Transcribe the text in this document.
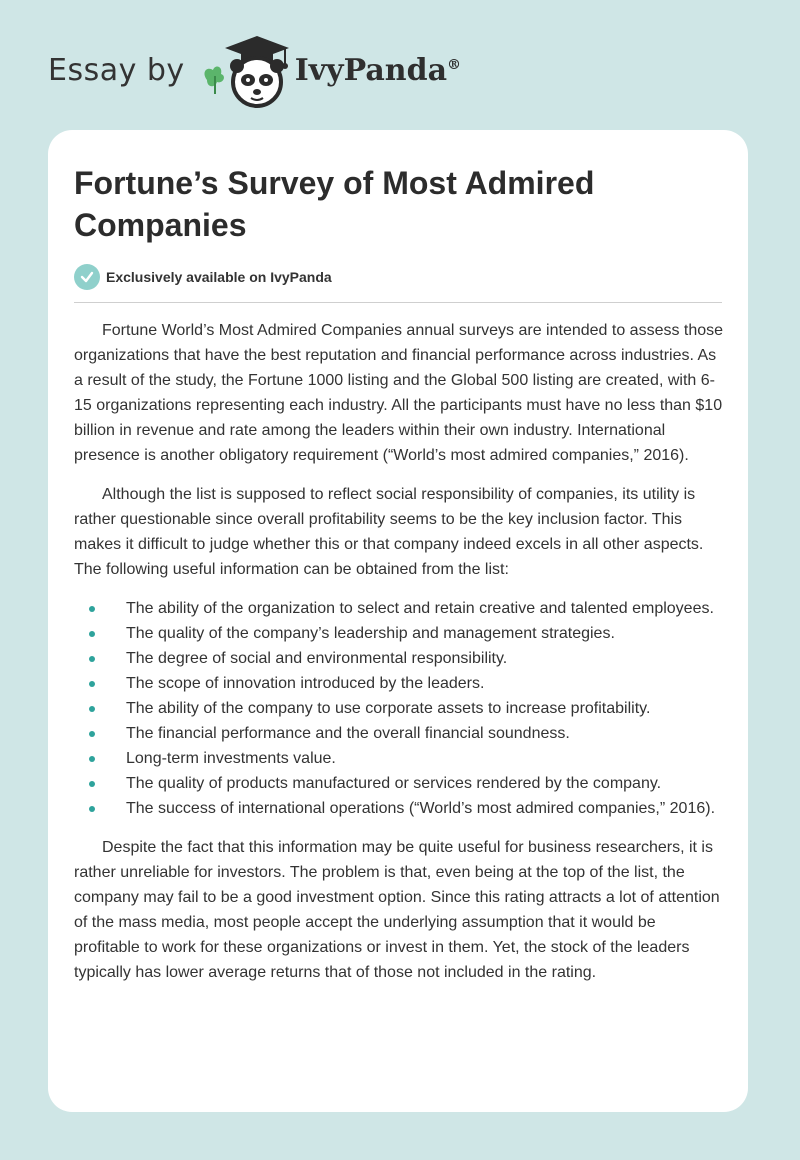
Essay by	IvyPanda®
Fortune’s Survey of Most Admired Companies
Exclusively available on IvyPanda

Fortune World’s Most Admired Companies annual surveys are intended to assess those organizations that have the best reputation and financial performance across industries. As a result of the study, the Fortune 1000 listing and the Global 500 listing are created, with 6-15 organizations representing each industry. All the participants must have no less than $10 billion in revenue and rate among the leaders within their own industry. International presence is another obligatory requirement (“World’s most admired companies,” 2016).

Although the list is supposed to reflect social responsibility of companies, its utility is rather questionable since overall profitability seems to be the key inclusion factor. This makes it difficult to judge whether this or that company indeed excels in all other aspects. The following useful information can be obtained from the list:

The ability of the organization to select and retain creative and talented employees.
The quality of the company’s leadership and management strategies.
The degree of social and environmental responsibility.
The scope of innovation introduced by the leaders.
The ability of the company to use corporate assets to increase profitability.
The financial performance and the overall financial soundness.
Long-term investments value.
The quality of products manufactured or services rendered by the company.
The success of international operations (“World’s most admired companies,” 2016).

Despite the fact that this information may be quite useful for business researchers, it is rather unreliable for investors. The problem is that, even being at the top of the list, the company may fail to be a good investment option. Since this rating attracts a lot of attention of the mass media, most people accept the underlying assumption that it would be profitable to work for these organizations or invest in them. Yet, the stock of the leaders typically has lower average returns that of those not included in the rating.
